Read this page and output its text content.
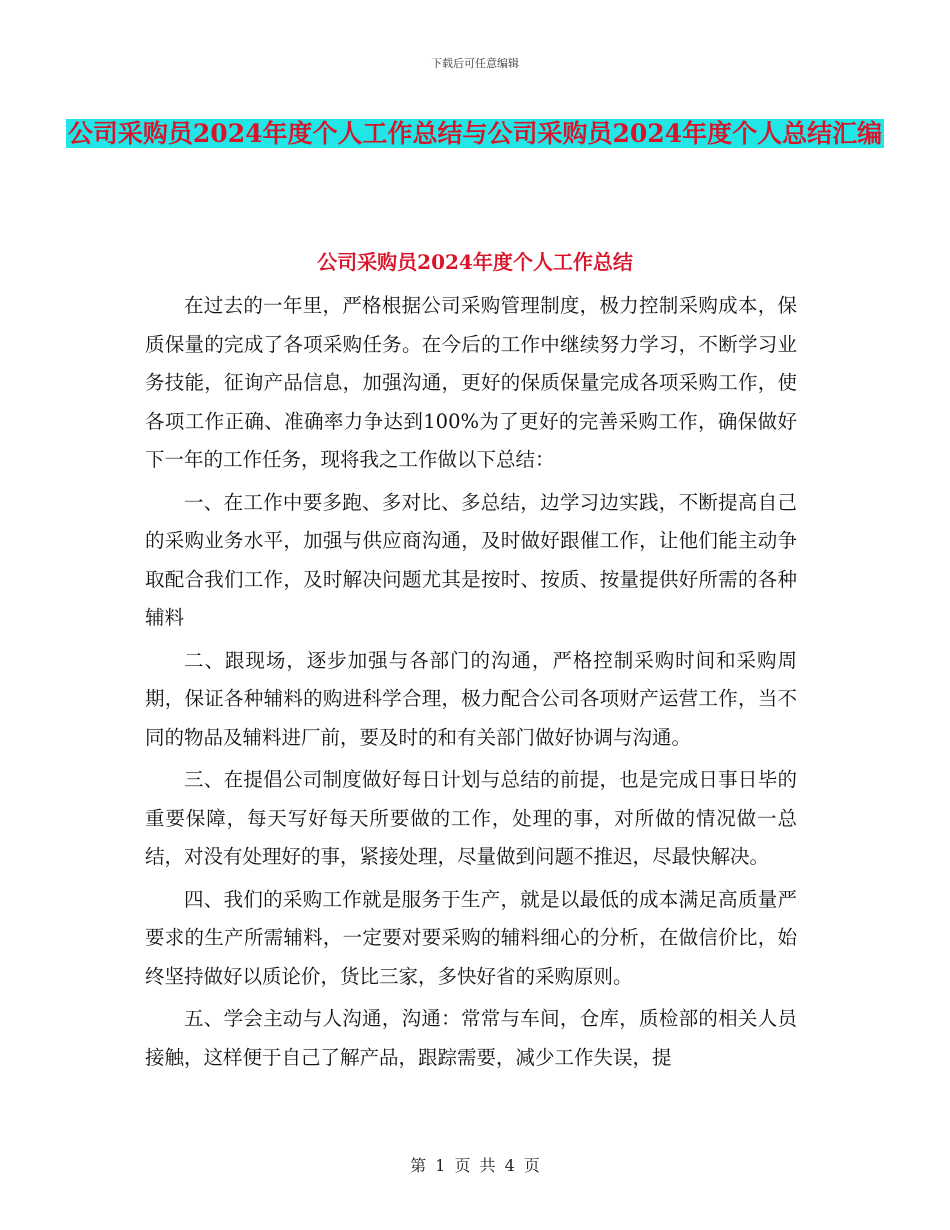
下载后可任意编辑
公司采购员2024年度个人工作总结与公司采购员2024年度个人总结汇编
公司采购员2024年度个人工作总结

在过去的一年里，严格根据公司采购管理制度，极力控制采购成本，保质保量的完成了各项采购任务。在今后的工作中继续努力学习，不断学习业务技能，征询产品信息，加强沟通，更好的保质保量完成各项采购工作，使各项工作正确、准确率力争达到100%为了更好的完善采购工作，确保做好下一年的工作任务，现将我之工作做以下总结：

一、在工作中要多跑、多对比、多总结，边学习边实践，不断提高自己的采购业务水平，加强与供应商沟通，及时做好跟催工作，让他们能主动争取配合我们工作，及时解决问题尤其是按时、按质、按量提供好所需的各种辅料

二、跟现场，逐步加强与各部门的沟通，严格控制采购时间和采购周期，保证各种辅料的购进科学合理，极力配合公司各项财产运营工作，当不同的物品及辅料进厂前，要及时的和有关部门做好协调与沟通。

三、在提倡公司制度做好每日计划与总结的前提，也是完成日事日毕的重要保障，每天写好每天所要做的工作，处理的事，对所做的情况做一总结，对没有处理好的事，紧接处理，尽量做到问题不推迟，尽最快解决。

四、我们的采购工作就是服务于生产，就是以最低的成本满足高质量严要求的生产所需辅料，一定要对要采购的辅料细心的分析，在做信价比，始终坚持做好以质论价，货比三家，多快好省的采购原则。

五、学会主动与人沟通，沟通：常常与车间，仓库，质检部的相关人员接触，这样便于自己了解产品，跟踪需要，减少工作失误，提

第 1 页 共 4 页
